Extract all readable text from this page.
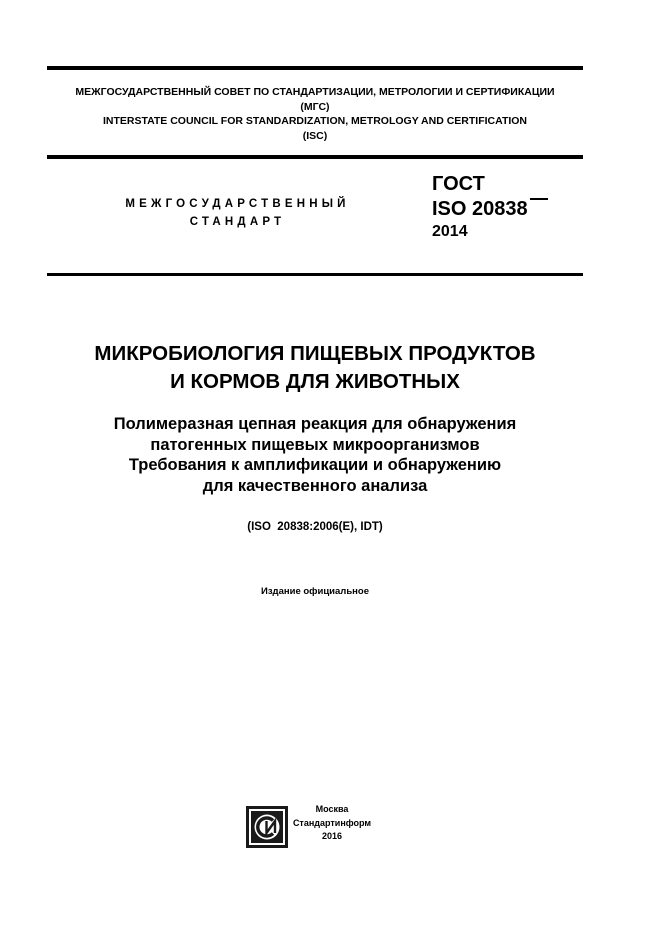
МЕЖГОСУДАРСТВЕННЫЙ СОВЕТ ПО СТАНДАРТИЗАЦИИ, МЕТРОЛОГИИ И СЕРТИФИКАЦИИ
(МГС)
INTERSTATE COUNCIL FOR STANDARDIZATION, METROLOGY AND CERTIFICATION
(ISC)
МЕЖГОСУДАРСТВЕННЫЙ
СТАНДАРТ
ГОСТ
ISO 20838
2014
МИКРОБИОЛОГИЯ ПИЩЕВЫХ ПРОДУКТОВ
И КОРМОВ ДЛЯ ЖИВОТНЫХ
Полимеразная цепная реакция для обнаружения
патогенных пищевых микроорганизмов
Требования к амплификации и обнаружению
для качественного анализа
(ISO  20838:2006(E), IDT)
Издание официальное
Москва
Стандартинформ
2016
